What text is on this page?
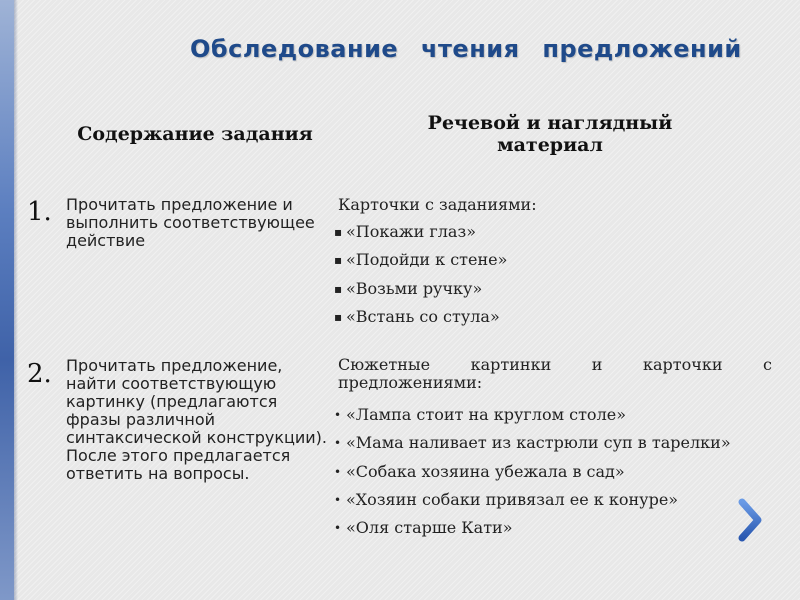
Обследование чтения предложений
Содержание задания	Речевой и наглядный материал
1. Прочитать предложение и выполнить соответствующее действие
Карточки с заданиями:
▪ «Покажи глаз»
▪ «Подойди к стене»
▪ «Возьми ручку»
▪ «Встань со стула»
2. Прочитать предложение, найти соответствующую картинку (предлагаются фразы различной синтаксической конструкции). После этого предлагается ответить на вопросы.
Сюжетные картинки и карточки с предложениями:
• «Лампа стоит на круглом столе»
• «Мама наливает из кастрюли суп в тарелки»
• «Собака хозяина убежала в сад»
• «Хозяин собаки привязал ее к конуре»
• «Оля старше Кати»
